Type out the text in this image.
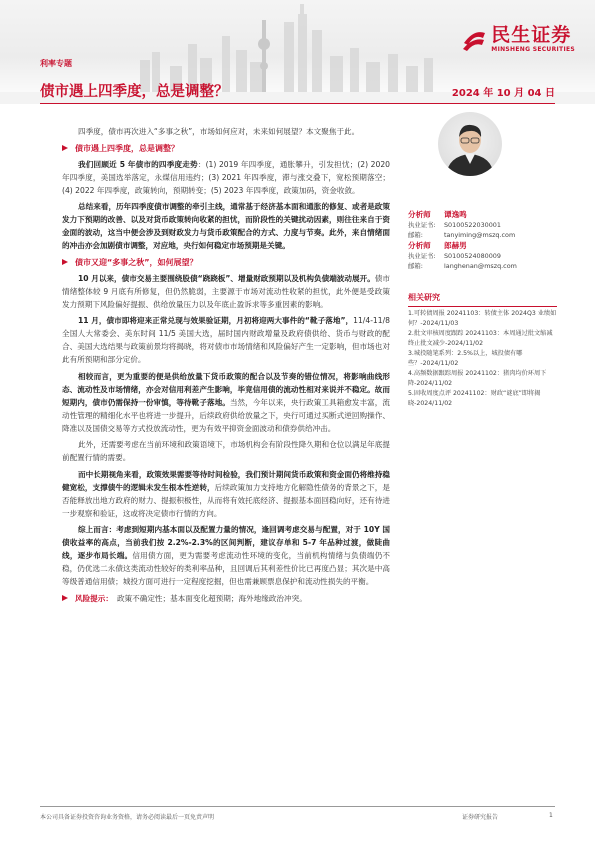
民生证券
MINSHENG SECURITIES
利率专题
债市遇上四季度，总是调整？	2024 年 10 月 04 日

四季度，债市再次进入“多事之秋”，市场如何应对，未来如何展望？本文聚焦于此。

债市遇上四季度，总是调整？

我们回顾近 5 年债市的四季度走势：(1) 2019 年四季度，通胀攀升，引发担忧；(2) 2020 年四季度，美国选举落定，永煤信用违约；(3) 2021 年四季度，滞与涨交叠下，宽松预期落空；(4) 2022 年四季度，政策转向，预期转变；(5) 2023 年四季度，政策加码，资金收敛。

总结来看，历年四季度债市调整的牵引主线，通常基于经济基本面和通胀的修复、或者是政策发力下预期的改善、以及对货币政策转向收紧的担忧，而阶段性的关键扰动因素，则往往来自于资金面的波动，这当中便会涉及到财政发力与货币政策配合的方式、力度与节奏。此外，来自情绪面的冲击亦会加剧债市调整，对应地，央行如何稳定市场预期是关键。

债市又迎“多事之秋”，如何展望？

10 月以来，债市交易主要围绕股债“跷跷板”、增量财政预期以及机构负债端波动展开。债市情绪整体较 9 月底有所修复，但仍然脆弱，主要源于市场对流动性收紧的担忧，此外便是受政策发力预期下风险偏好提振、供给放量压力以及年底止盈诉求等多重因素的影响。

11 月，债市即将迎来正常兑现与效果验证期，月初将迎两大事件的“靴子落地”，11/4-11/8 全国人大常委会、美东时间 11/5 美国大选，届时国内财政增量及政府债供给、货币与财政的配合、美国大选结果与政策前景均将揭晓，将对债市市场情绪和风险偏好产生一定影响，但市场也对此有所预期和部分定价。

相较而言，更为重要的便是供给放量下货币政策的配合以及节奏的错位情况，将影响曲线形态、流动性及市场情绪，亦会对信用利差产生影响，毕竟信用债的流动性相对来说并不稳定。故而短期内，债市仍需保持一份审慎，等待靴子落地。当然，今年以来，央行政策工具箱愈发丰富，流动性管理的精细化水平也将进一步提升，后续政府供给放量之下，央行可通过买断式逆回购操作、降准以及国债交易等方式投放流动性，更为有效平抑资金面波动和债券供给冲击。

此外，还需要考虑在当前环境和政策语境下，市场机构会有阶段性降久期和仓位以满足年底提前配置行情的需要。

而中长期视角来看，政策效果需要等待时间检验，我们预计期间货币政策和资金面仍将维持稳健宽松，支撑债牛的逻辑未发生根本性逆转，后续政策加力支持地方化解隐性债务的背景之下，是否能释放出地方政府的财力、提振积极性，从而将有效托底经济、提振基本面回稳向好，还有待进一步观察和验证，这或将决定债市行情的方向。

综上而言：考虑到短期内基本面以及配置力量的情况，逢回调考虑交易与配置，对于 10Y 国债收益率的高点，当前我们按 2.2%-2.3%的区间判断，建议存单和 5-7 年品种过渡，做陡曲线，逐步布局长端。信用债方面，更为需要考虑流动性环境的变化，当前机构情绪与负债端仍不稳，仍优选二永债这类流动性较好的类利率品种，且回调后其利差性价比已再度凸显；其次是中高等级普通信用债；城投方面可进行一定程度挖掘，但也需兼顾票息保护和流动性损失的平衡。

风险提示： 政策不确定性；基本面变化超预期；海外地缘政治冲突。
分析师	谭逸鸣
执业证书:	S0100522030001
邮箱:	tanyiming@mszq.com
分析师	郎赫男
执业证书:	S0100524080009
邮箱:	langhenan@mszq.com
相关研究
1.可转债周报 20241103：转债主体 2024Q3 业绩如何？-2024/11/03
2.批文审核周度跟踪 20241103：本周通过批文缩减终止批文减少-2024/11/02
3.城投随笔系列：2.5%以上，城投债有哪些？-2024/11/02
4.高频数据跟踪周报 20241102：猪肉均价环周下降-2024/11/02
5.固收周度点评 20241102：财政“谜底”即将揭晓-2024/11/02
本公司具备证券投资咨询业务资格，请务必阅读最后一页免责声明	证券研究报告	1
